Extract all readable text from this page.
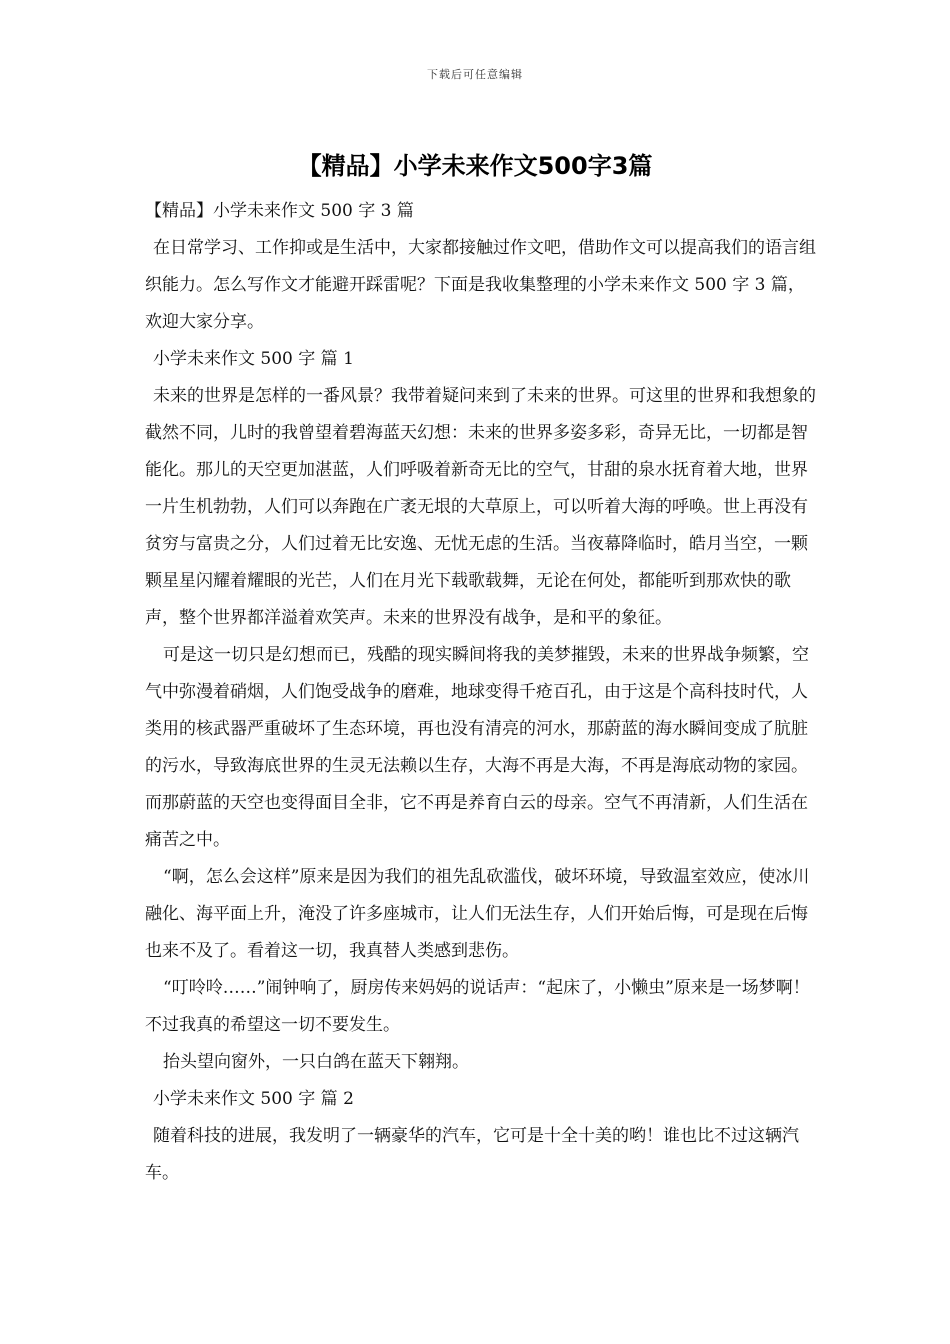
下载后可任意编辑
【精品】小学未来作文500字3篇

【精品】小学未来作文 500 字 3 篇

在日常学习、工作抑或是生活中，大家都接触过作文吧，借助作文可以提高我们的语言组织能力。怎么写作文才能避开踩雷呢？下面是我收集整理的小学未来作文 500 字 3 篇，欢迎大家分享。

小学未来作文 500 字 篇 1

未来的世界是怎样的一番风景？我带着疑问来到了未来的世界。可这里的世界和我想象的截然不同，儿时的我曾望着碧海蓝天幻想：未来的世界多姿多彩，奇异无比，一切都是智能化。那儿的天空更加湛蓝，人们呼吸着新奇无比的空气，甘甜的泉水抚育着大地，世界一片生机勃勃，人们可以奔跑在广袤无垠的大草原上，可以听着大海的呼唤。世上再没有贫穷与富贵之分，人们过着无比安逸、无忧无虑的生活。当夜幕降临时，皓月当空，一颗颗星星闪耀着耀眼的光芒，人们在月光下载歌载舞，无论在何处，都能听到那欢快的歌声，整个世界都洋溢着欢笑声。未来的世界没有战争，是和平的象征。

可是这一切只是幻想而已，残酷的现实瞬间将我的美梦摧毁，未来的世界战争频繁，空气中弥漫着硝烟，人们饱受战争的磨难，地球变得千疮百孔，由于这是个高科技时代，人类用的核武器严重破坏了生态环境，再也没有清亮的河水，那蔚蓝的海水瞬间变成了肮脏的污水，导致海底世界的生灵无法赖以生存，大海不再是大海，不再是海底动物的家园。而那蔚蓝的天空也变得面目全非，它不再是养育白云的母亲。空气不再清新，人们生活在痛苦之中。

“啊，怎么会这样”原来是因为我们的祖先乱砍滥伐，破坏环境，导致温室效应，使冰川融化、海平面上升，淹没了许多座城市，让人们无法生存，人们开始后悔，可是现在后悔也来不及了。看着这一切，我真替人类感到悲伤。

“叮呤呤……”闹钟响了，厨房传来妈妈的说话声：“起床了，小懒虫”原来是一场梦啊！不过我真的希望这一切不要发生。

抬头望向窗外，一只白鸽在蓝天下翱翔。

小学未来作文 500 字 篇 2

随着科技的进展，我发明了一辆豪华的汽车，它可是十全十美的哟！谁也比不过这辆汽车。
